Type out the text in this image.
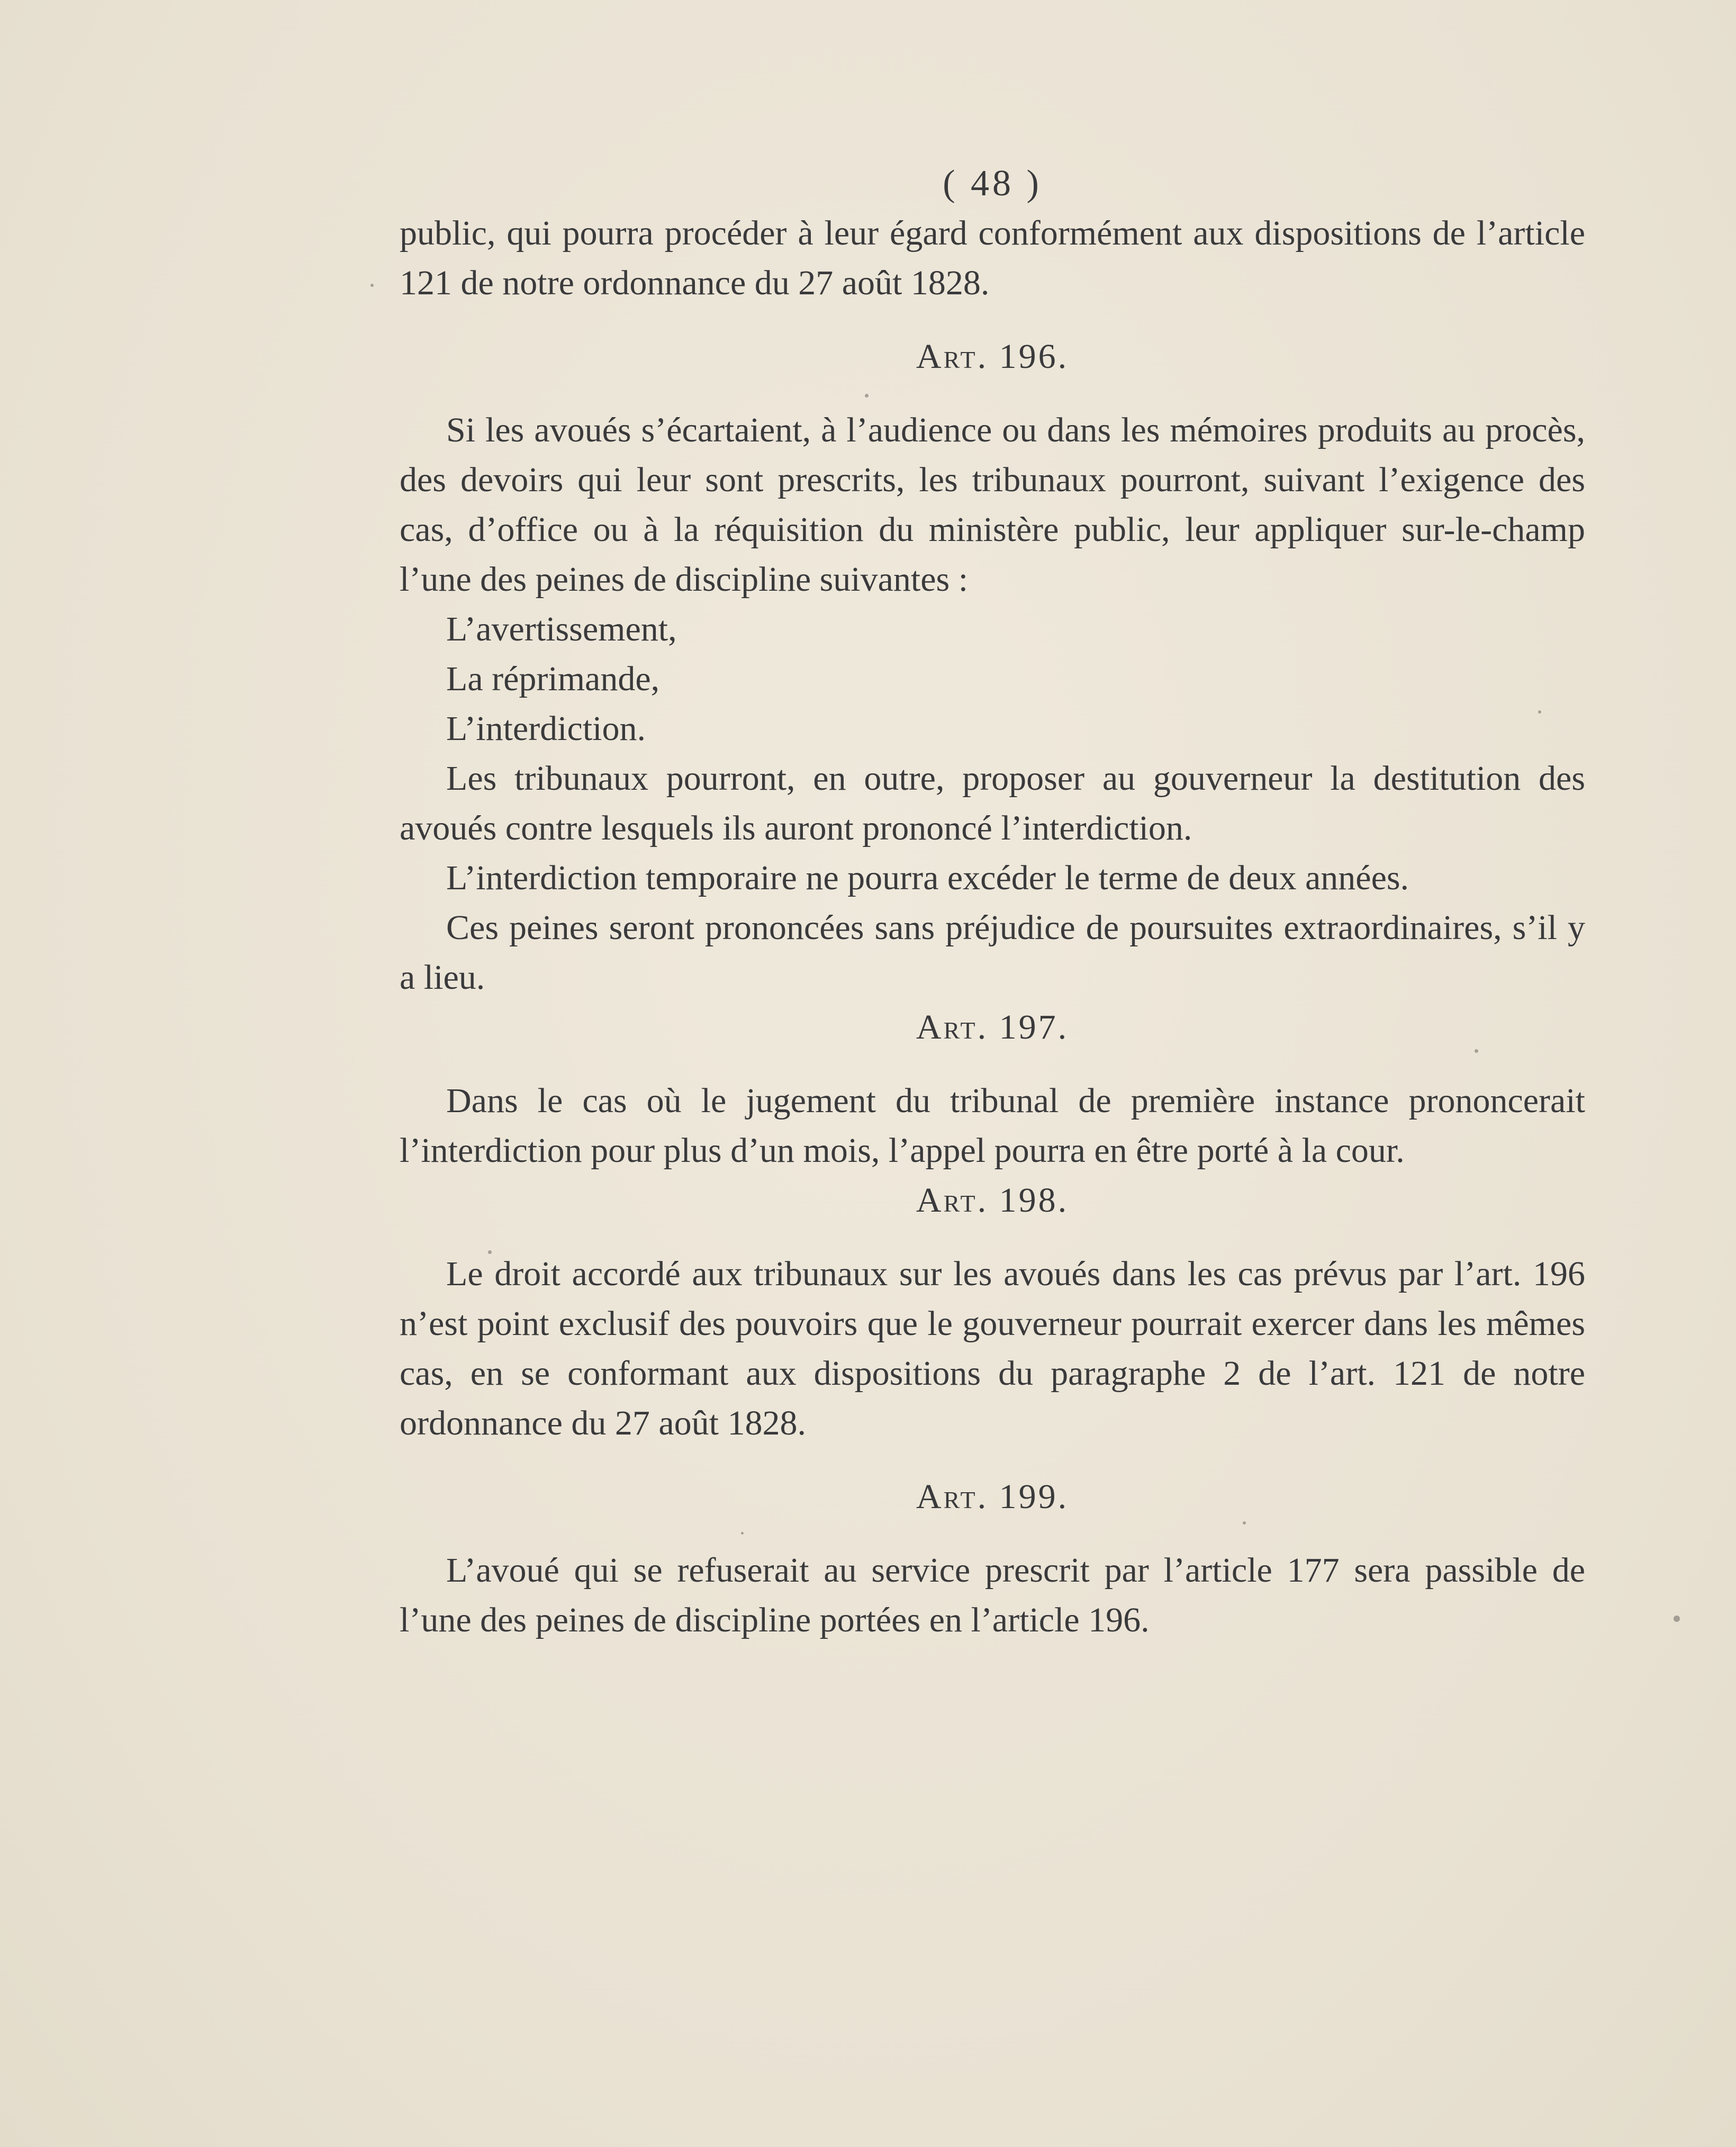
( 48 )

public, qui pourra procéder à leur égard conformément aux dispositions de l’article 121 de notre ordonnance du 27 août 1828.

Art. 196.

Si les avoués s’écartaient, à l’audience ou dans les mémoires produits au procès, des devoirs qui leur sont prescrits, les tribunaux pourront, suivant l’exigence des cas, d’office ou à la réquisition du ministère public, leur appliquer sur-le-champ l’une des peines de discipline suivantes :

L’avertissement,

La réprimande,

L’interdiction.

Les tribunaux pourront, en outre, proposer au gouverneur la destitution des avoués contre lesquels ils auront prononcé l’interdiction.

L’interdiction temporaire ne pourra excéder le terme de deux années.

Ces peines seront prononcées sans préjudice de poursuites extraordinaires, s’il y a lieu.

Art. 197.

Dans le cas où le jugement du tribunal de première instance prononcerait l’interdiction pour plus d’un mois, l’appel pourra en être porté à la cour.

Art. 198.

Le droit accordé aux tribunaux sur les avoués dans les cas prévus par l’art. 196 n’est point exclusif des pouvoirs que le gouverneur pourrait exercer dans les mêmes cas, en se conformant aux dispositions du paragraphe 2 de l’art. 121 de notre ordonnance du 27 août 1828.

Art. 199.

L’avoué qui se refuserait au service prescrit par l’article 177 sera passible de l’une des peines de discipline portées en l’article 196.
